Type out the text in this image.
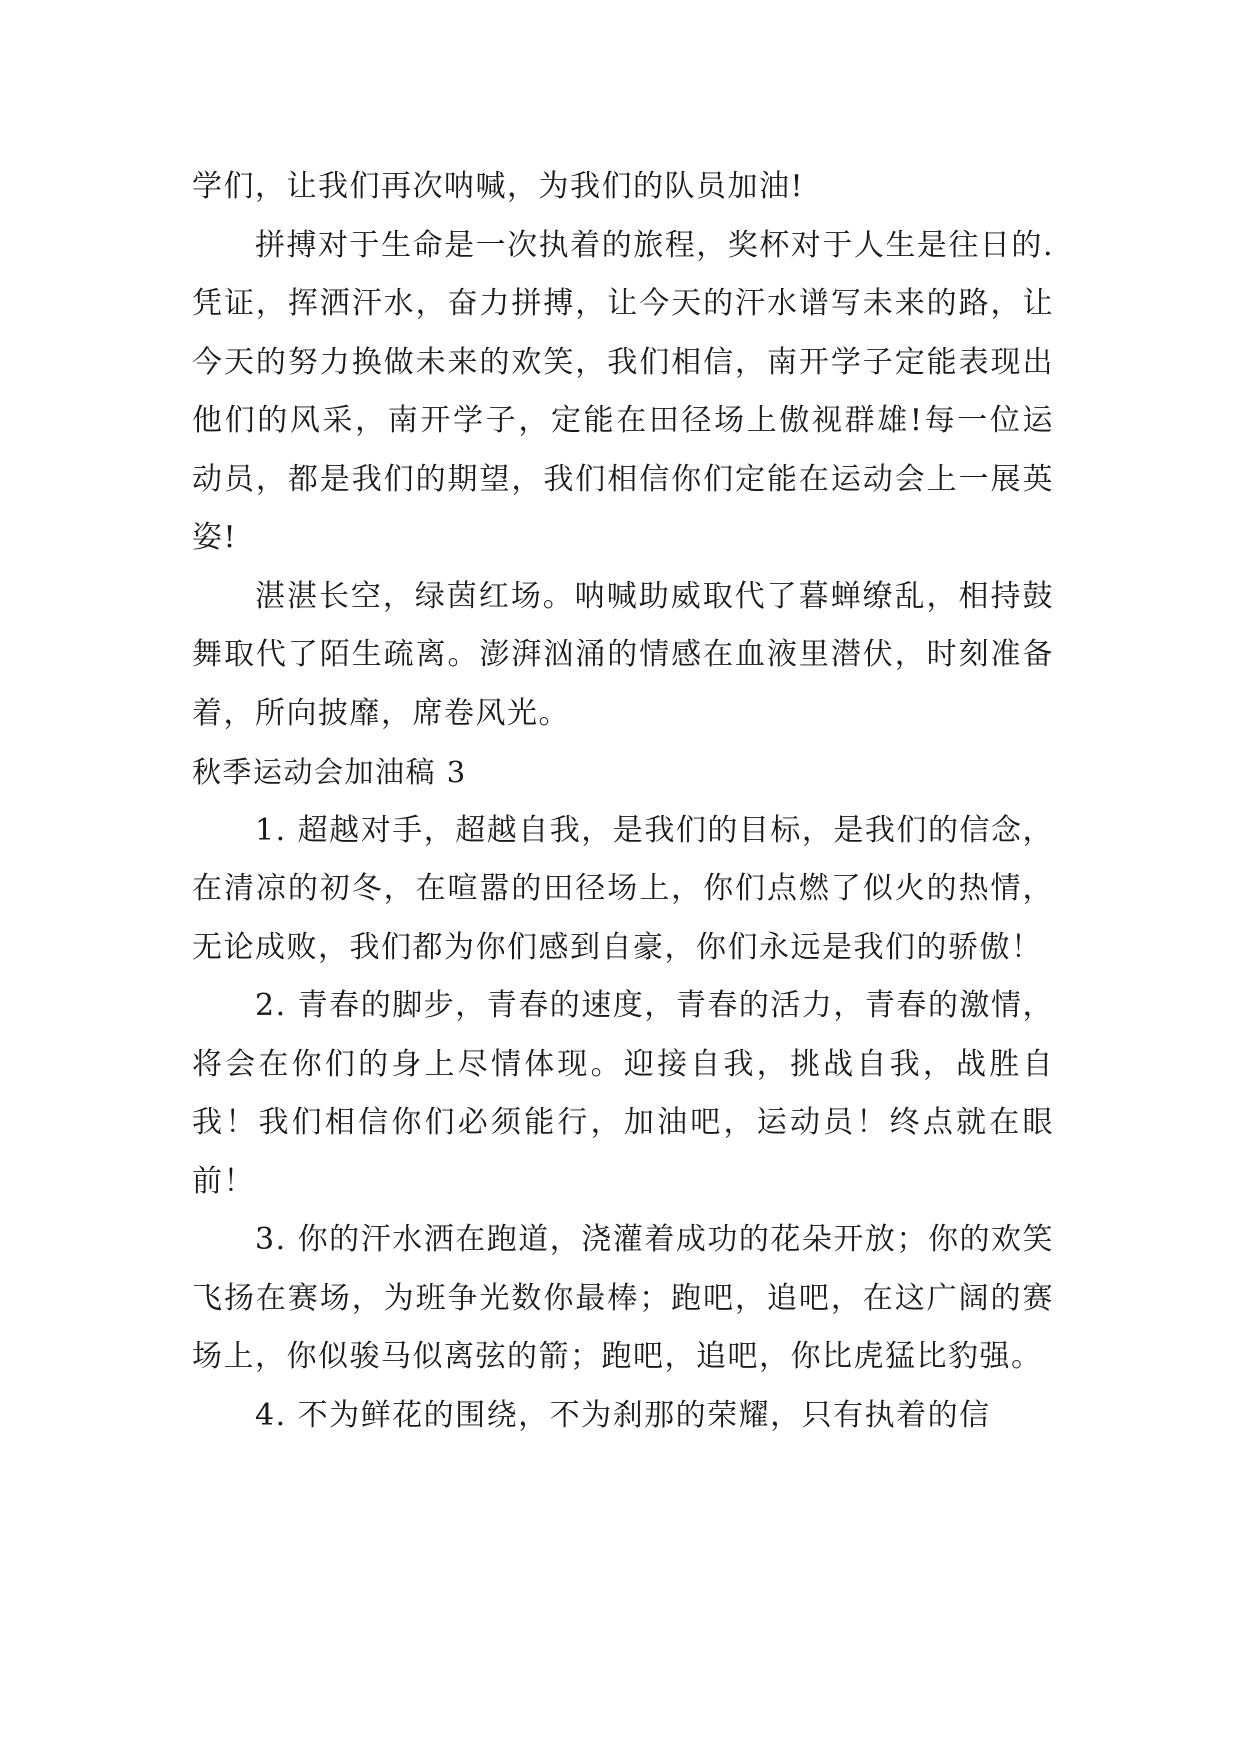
学们，让我们再次呐喊，为我们的队员加油!

拼搏对于生命是一次执着的旅程，奖杯对于人生是往日的.凭证，挥洒汗水，奋力拼搏，让今天的汗水谱写未来的路，让今天的努力换做未来的欢笑，我们相信，南开学子定能表现出他们的风采，南开学子，定能在田径场上傲视群雄!每一位运动员，都是我们的期望，我们相信你们定能在运动会上一展英姿!

湛湛长空，绿茵红场。呐喊助威取代了暮蝉缭乱，相持鼓舞取代了陌生疏离。澎湃汹涌的情感在血液里潜伏，时刻准备着，所向披靡，席卷风光。

秋季运动会加油稿 3

1. 超越对手，超越自我，是我们的目标，是我们的信念，在清凉的初冬，在喧嚣的田径场上，你们点燃了似火的热情，无论成败，我们都为你们感到自豪，你们永远是我们的骄傲！

2. 青春的脚步，青春的速度，青春的活力，青春的激情，将会在你们的身上尽情体现。迎接自我，挑战自我，战胜自我！我们相信你们必须能行，加油吧，运动员！终点就在眼前！

3. 你的汗水洒在跑道，浇灌着成功的花朵开放；你的欢笑飞扬在赛场，为班争光数你最棒；跑吧，追吧，在这广阔的赛场上，你似骏马似离弦的箭；跑吧，追吧，你比虎猛比豹强。

4. 不为鲜花的围绕，不为刹那的荣耀，只有执着的信
